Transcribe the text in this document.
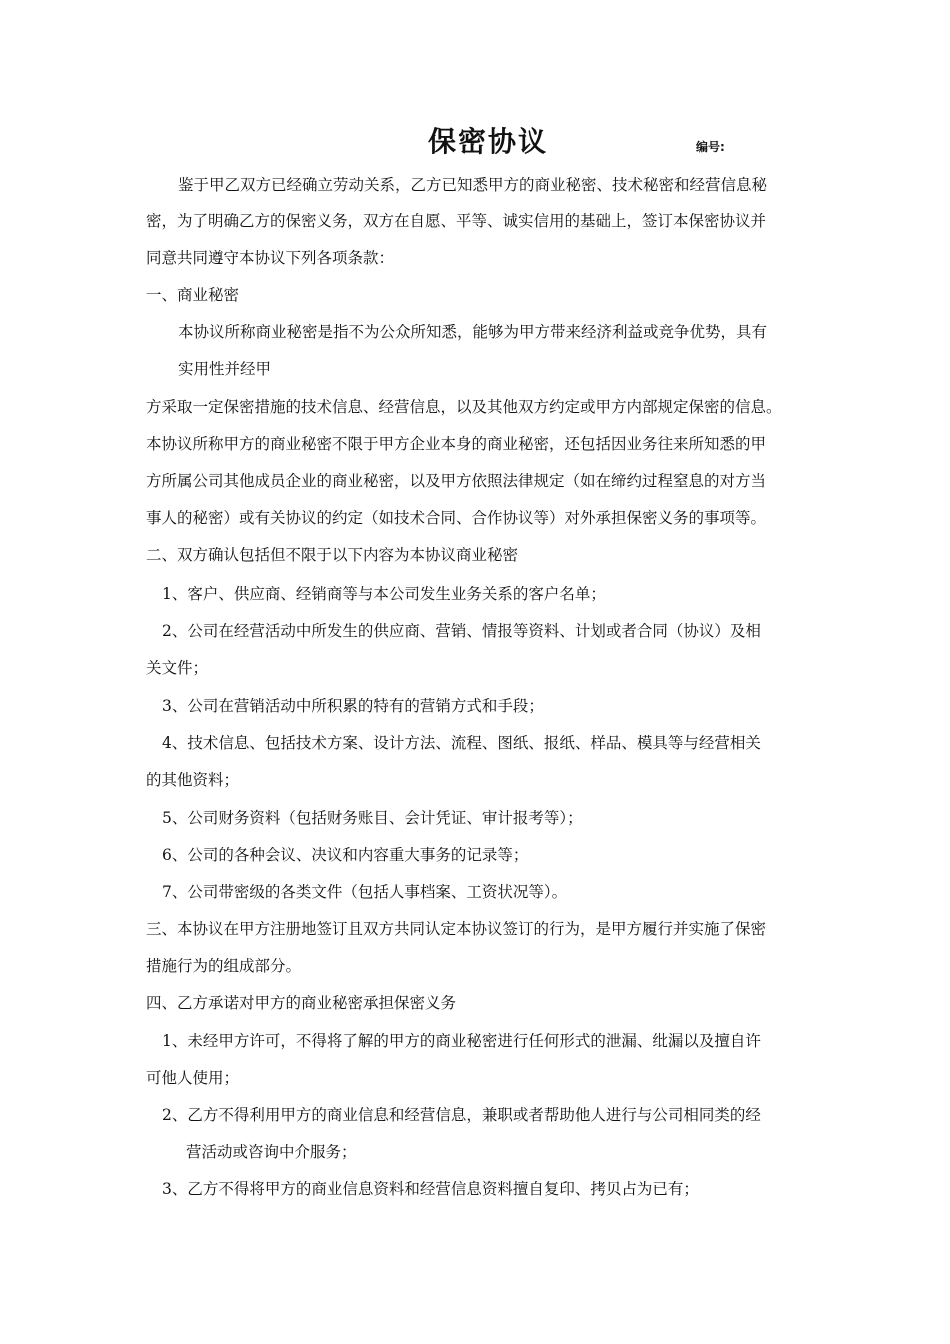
保密协议	编号:
鉴于甲乙双方已经确立劳动关系，乙方已知悉甲方的商业秘密、技术秘密和经营信息秘
密，为了明确乙方的保密义务，双方在自愿、平等、诚实信用的基础上，签订本保密协议并
同意共同遵守本协议下列各项条款：
一、商业秘密
本协议所称商业秘密是指不为公众所知悉，能够为甲方带来经济利益或竞争优势，具有
实用性并经甲
方采取一定保密措施的技术信息、经营信息，以及其他双方约定或甲方内部规定保密的信息。
本协议所称甲方的商业秘密不限于甲方企业本身的商业秘密，还包括因业务往来所知悉的甲
方所属公司其他成员企业的商业秘密，以及甲方依照法律规定（如在缔约过程窒息的对方当
事人的秘密）或有关协议的约定（如技术合同、合作协议等）对外承担保密义务的事项等。
二、双方确认包括但不限于以下内容为本协议商业秘密
1、客户、供应商、经销商等与本公司发生业务关系的客户名单；
2、公司在经营活动中所发生的供应商、营销、情报等资料、计划或者合同（协议）及相
关文件；
3、公司在营销活动中所积累的特有的营销方式和手段；
4、技术信息、包括技术方案、设计方法、流程、图纸、报纸、样品、模具等与经营相关
的其他资料；
5、公司财务资料（包括财务账目、会计凭证、审计报考等）；
6、公司的各种会议、决议和内容重大事务的记录等；
7、公司带密级的各类文件（包括人事档案、工资状况等）。
三、本协议在甲方注册地签订且双方共同认定本协议签订的行为，是甲方履行并实施了保密
措施行为的组成部分。
四、乙方承诺对甲方的商业秘密承担保密义务
1、未经甲方许可，不得将了解的甲方的商业秘密进行任何形式的泄漏、纰漏以及擅自许
可他人使用；
2、乙方不得利用甲方的商业信息和经营信息，兼职或者帮助他人进行与公司相同类的经
营活动或咨询中介服务；
3、乙方不得将甲方的商业信息资料和经营信息资料擅自复印、拷贝占为已有；
